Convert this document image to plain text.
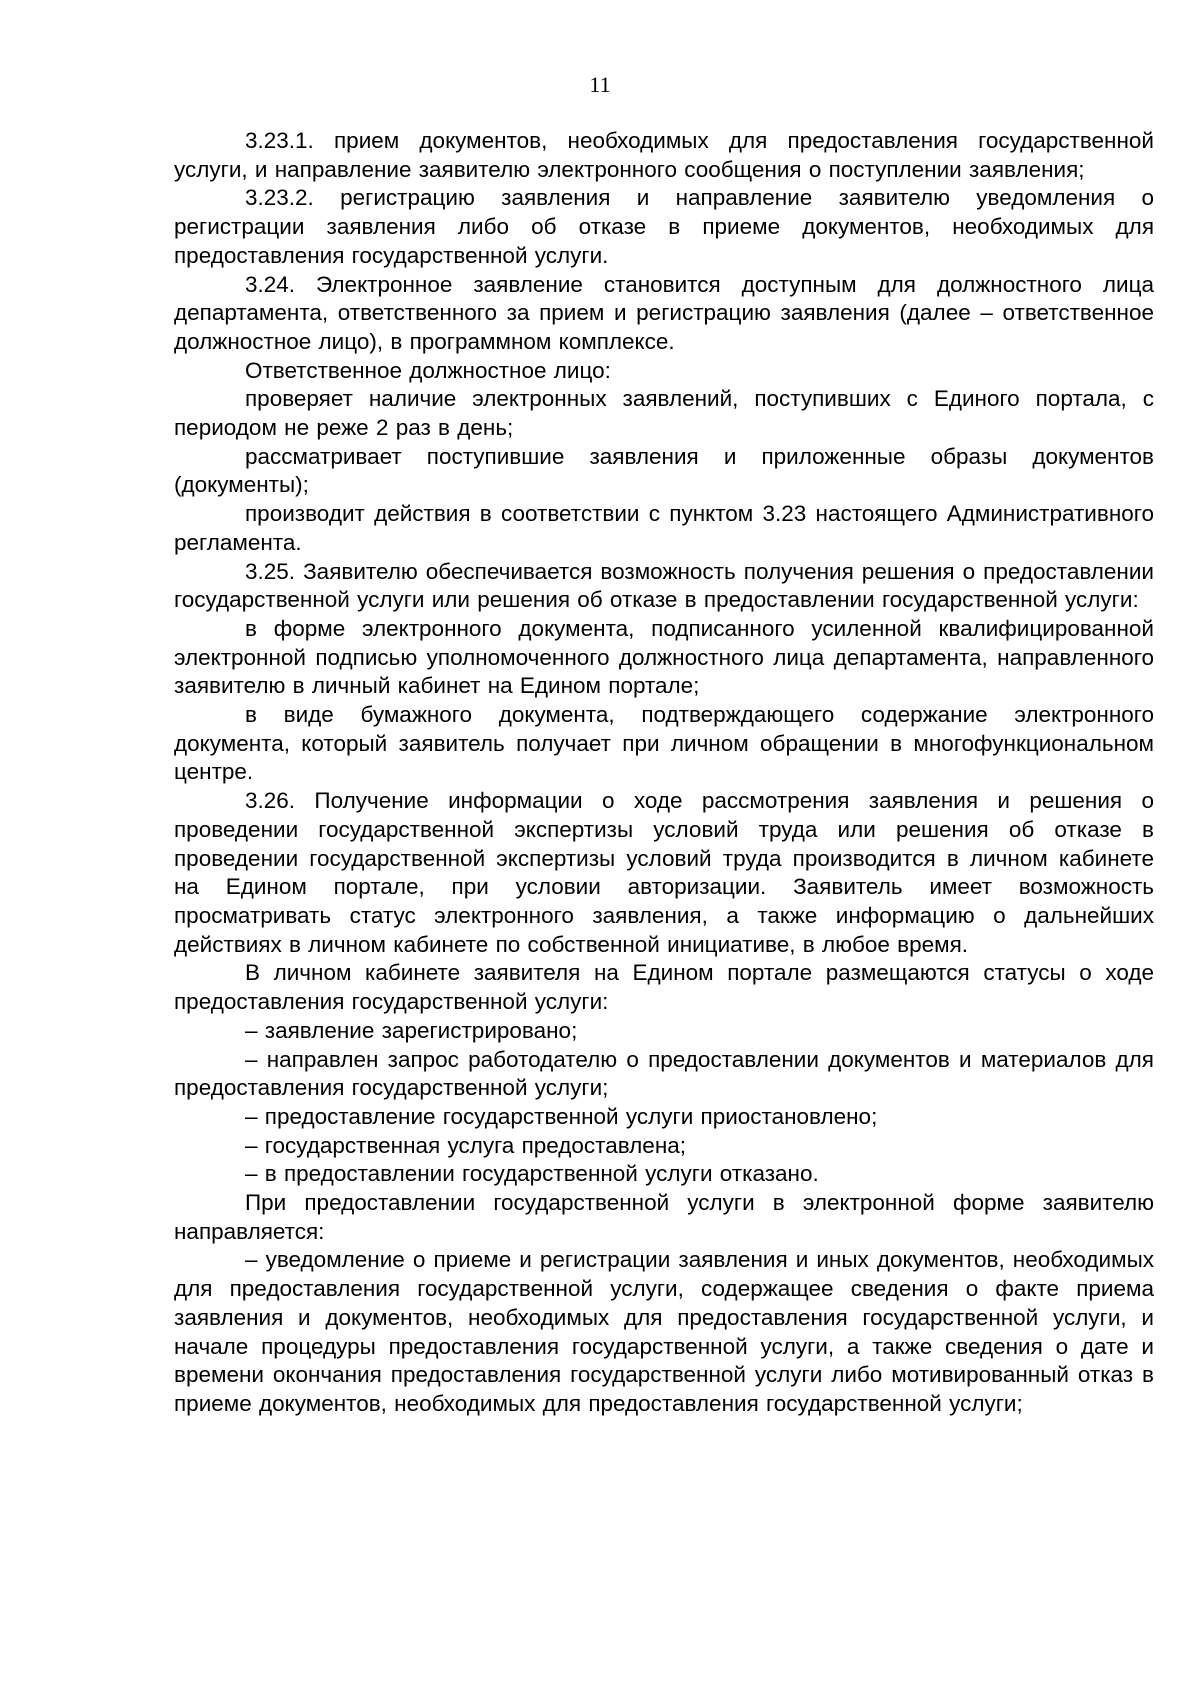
11

3.23.1. прием документов, необходимых для предоставления государственной услуги, и направление заявителю электронного сообщения о поступлении заявления;

3.23.2. регистрацию заявления и направление заявителю уведомления о регистрации заявления либо об отказе в приеме документов, необходимых для предоставления государственной услуги.

3.24. Электронное заявление становится доступным для должностного лица департамента, ответственного за прием и регистрацию заявления (далее – ответственное должностное лицо), в программном комплексе.

Ответственное должностное лицо:

проверяет наличие электронных заявлений, поступивших с Единого портала, с периодом не реже 2 раз в день;

рассматривает поступившие заявления и приложенные образы документов (документы);

производит действия в соответствии с пунктом 3.23 настоящего Административного регламента.

3.25. Заявителю обеспечивается возможность получения решения о предоставлении государственной услуги или решения об отказе в предоставлении государственной услуги:

в форме электронного документа, подписанного усиленной квалифицированной электронной подписью уполномоченного должностного лица департамента, направленного заявителю в личный кабинет на Едином портале;

в виде бумажного документа, подтверждающего содержание электронного документа, который заявитель получает при личном обращении в многофункциональном центре.

3.26. Получение информации о ходе рассмотрения заявления и решения о проведении государственной экспертизы условий труда или решения об отказе в проведении государственной экспертизы условий труда производится в личном кабинете на Едином портале, при условии авторизации. Заявитель имеет возможность просматривать статус электронного заявления, а также информацию о дальнейших действиях в личном кабинете по собственной инициативе, в любое время.

В личном кабинете заявителя на Едином портале размещаются статусы о ходе предоставления государственной услуги:

– заявление зарегистрировано;

– направлен запрос работодателю о предоставлении документов и материалов для предоставления государственной услуги;

– предоставление государственной услуги приостановлено;

– государственная услуга предоставлена;

– в предоставлении государственной услуги отказано.

При предоставлении государственной услуги в электронной форме заявителю направляется:

– уведомление о приеме и регистрации заявления и иных документов, необходимых для предоставления государственной услуги, содержащее сведения о факте приема заявления и документов, необходимых для предоставления государственной услуги, и начале процедуры предоставления государственной услуги, а также сведения о дате и времени окончания предоставления государственной услуги либо мотивированный отказ в приеме документов, необходимых для предоставления государственной услуги;
